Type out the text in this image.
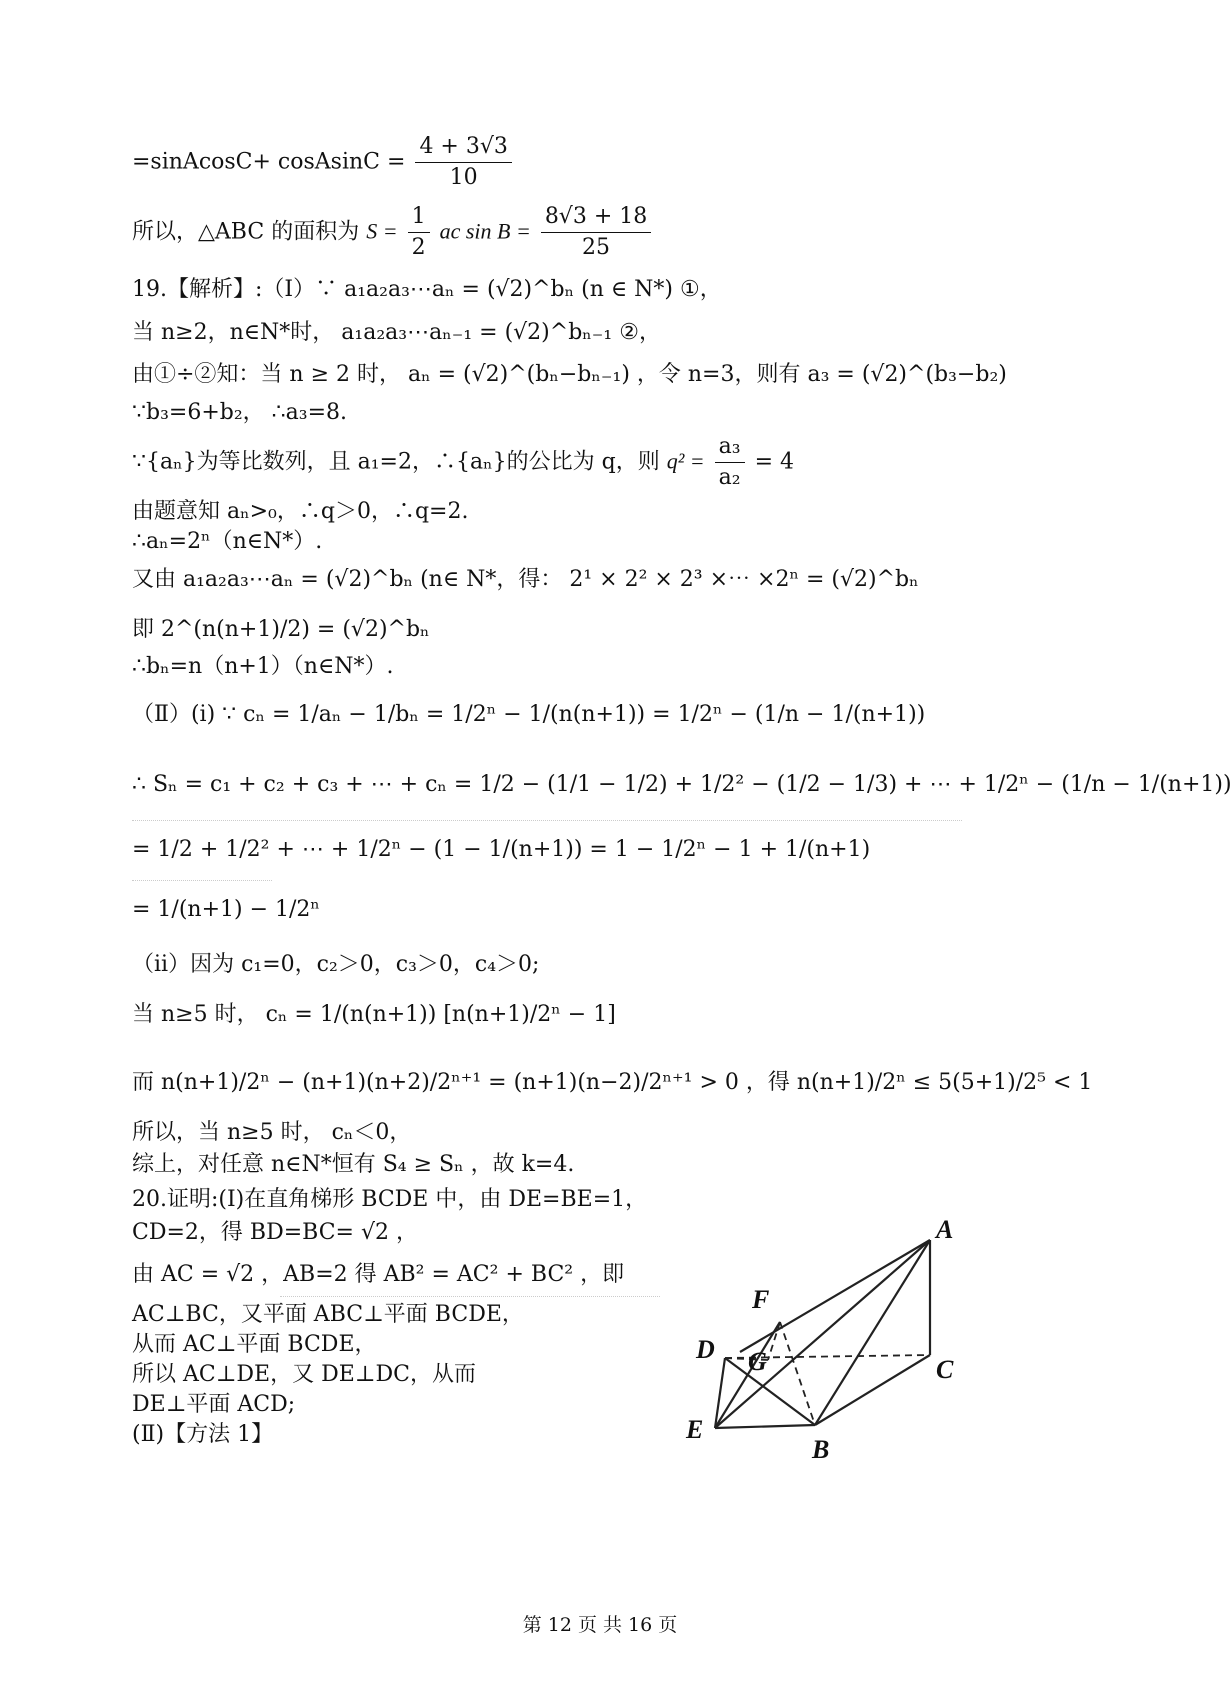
=sinAcosC+ cosAsinC = $\frac{4 + 3√3}{10}$
所以，△ABC 的面积为 $S = \frac{1}{2}$ ac $\sin B = \frac{8√3 + 18}{25}$
19.【解析】:（Ⅰ）∵ a₁a₂a₃⋯aₙ = (√2)^bₙ (n ∈ N*) ①，
当 n≥2，n∈N*时， a₁a₂a₃⋯aₙ₋₁ = (√2)^bₙ₋₁ ②，
由①÷②知：当 n ≥ 2 时， aₙ = (√2)^(bₙ−bₙ₋₁) ，令 n=3，则有 a₃ = (√2)^(b₃−b₂)
∵b₃=6+b₂， ∴a₃=8.
∵{aₙ}为等比数列，且 a₁=2，∴{aₙ}的公比为 q，则 $q^2 = \frac{\text{a₃}}{\text{a₂}} = 4$
由题意知 aₙ>₀，∴q＞0，∴q=2.
∴aₙ=2ⁿ（n∈N*）.
又由 a₁a₂a₃⋯aₙ = (√2)^bₙ (n∈ N*，得： 2¹ × 2² × 2³ ×⋯ ×2ⁿ = (√2)^bₙ
即 2^(n(n+1)/2) = (√2)^bₙ
∴bₙ=n（n+1）（n∈N*）.
（Ⅱ）(i) ∵ cₙ = 1/aₙ − 1/bₙ = 1/2ⁿ − 1/(n(n+1)) = 1/2ⁿ − (1/n − 1/(n+1))
∴ Sₙ = c₁ + c₂ + c₃ + ⋯ + cₙ = 1/2 − (1/1 − 1/2) + 1/2² − (1/2 − 1/3) + ⋯ + 1/2ⁿ − (1/n − 1/(n+1))
= 1/2 + 1/2² + ⋯ + 1/2ⁿ − (1 − 1/(n+1)) = 1 − 1/2ⁿ − 1 + 1/(n+1)
= 1/(n+1) − 1/2ⁿ
（ii）因为 c₁=0，c₂＞0，c₃＞0，c₄＞0;
当 n≥5 时， cₙ = 1/(n(n+1)) [n(n+1)/2ⁿ − 1]
而 n(n+1)/2ⁿ − (n+1)(n+2)/2ⁿ⁺¹ = (n+1)(n−2)/2ⁿ⁺¹ > 0 ，得 n(n+1)/2ⁿ ≤ 5(5+1)/2⁵ < 1
所以，当 n≥5 时， cₙ＜0，
综上，对任意 n∈N*恒有 S₄ ≥ Sₙ ，故 k=4.
20.证明:(Ⅰ)在直角梯形 BCDE 中，由 DE=BE=1，
CD=2，得 BD=BC= √2 ，
由 AC = √2 ，AB=2 得 AB² = AC² + BC² ，即
AC⊥BC，又平面 ABC⊥平面 BCDE，
从而 AC⊥平面 BCDE，
所以 AC⊥DE，又 DE⊥DC，从而
DE⊥平面 ACD;
(Ⅱ)【方法 1】
A
B
C
D
E
F
G
第 12 页 共 16 页
